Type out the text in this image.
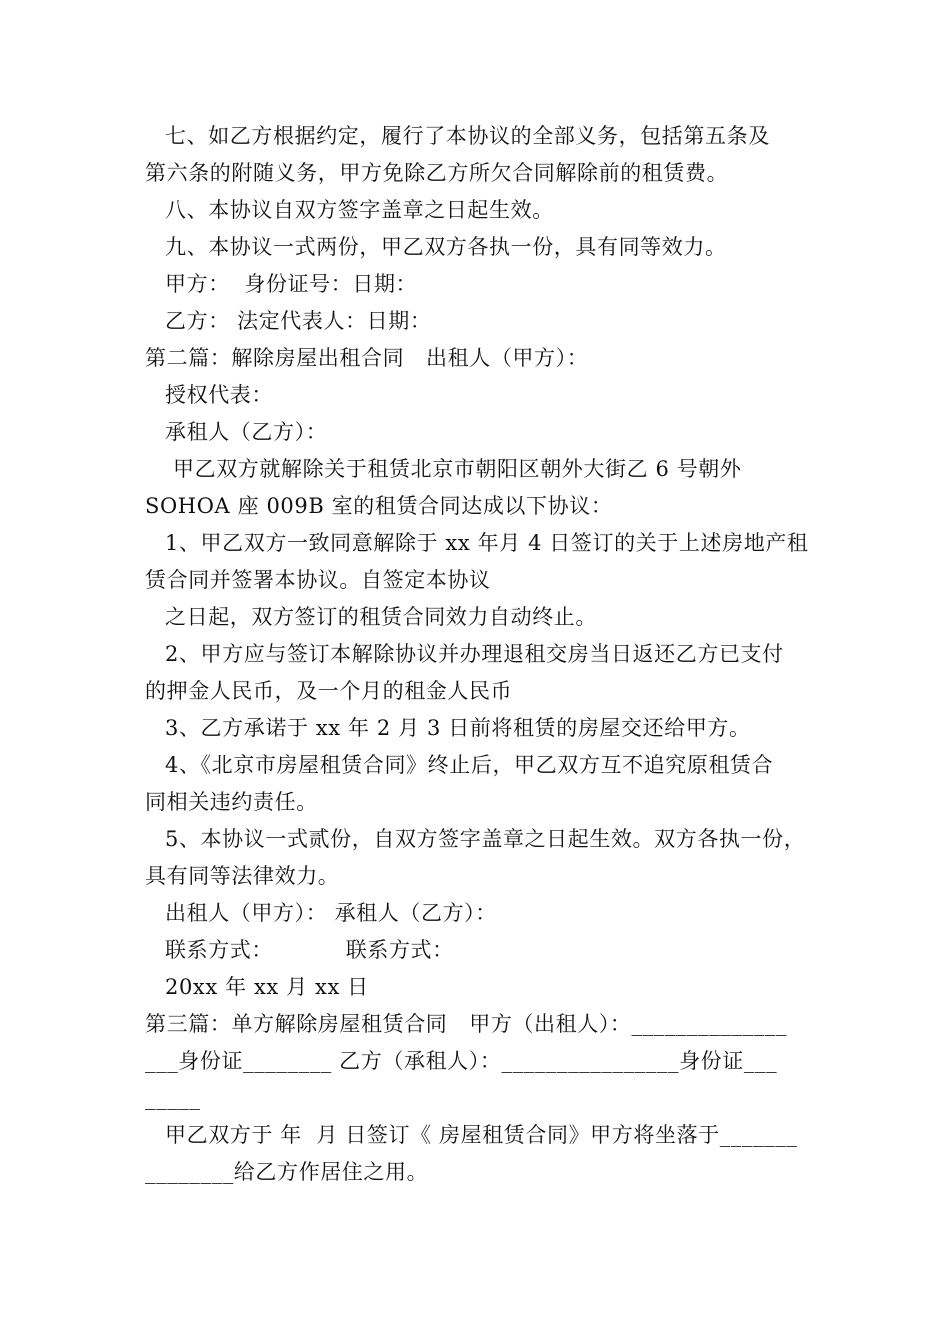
七、如乙方根据约定，履行了本协议的全部义务，包括第五条及
第六条的附随义务，甲方免除乙方所欠合同解除前的租赁费。
八、本协议自双方签字盖章之日起生效。
九、本协议一式两份，甲乙双方各执一份，具有同等效力。
甲方：  身份证号：日期：
乙方： 法定代表人：日期：
第二篇：解除房屋出租合同   出租人（甲方）：
授权代表：
承租人（乙方）：
甲乙双方就解除关于租赁北京市朝阳区朝外大街乙 6 号朝外
SOHOA 座 009B 室的租赁合同达成以下协议：
1、甲乙双方一致同意解除于 xx 年月 4 日签订的关于上述房地产租
赁合同并签署本协议。自签定本协议
之日起，双方签订的租赁合同效力自动终止。
2、甲方应与签订本解除协议并办理退租交房当日返还乙方已支付
的押金人民币，及一个月的租金人民币
3、乙方承诺于 xx 年 2 月 3 日前将租赁的房屋交还给甲方。
4、《北京市房屋租赁合同》终止后，甲乙双方互不追究原租赁合
同相关违约责任。
5、本协议一式贰份，自双方签字盖章之日起生效。双方各执一份，
具有同等法律效力。
出租人（甲方）： 承租人（乙方）：
联系方式：          联系方式：
20xx 年 xx 月 xx 日
第三篇：单方解除房屋租赁合同   甲方（出租人）：______________
___身份证________ 乙方（承租人）：________________身份证___
_____
甲乙双方于 年  月 日签订《 房屋租赁合同》甲方将坐落于_______
________给乙方作居住之用。
